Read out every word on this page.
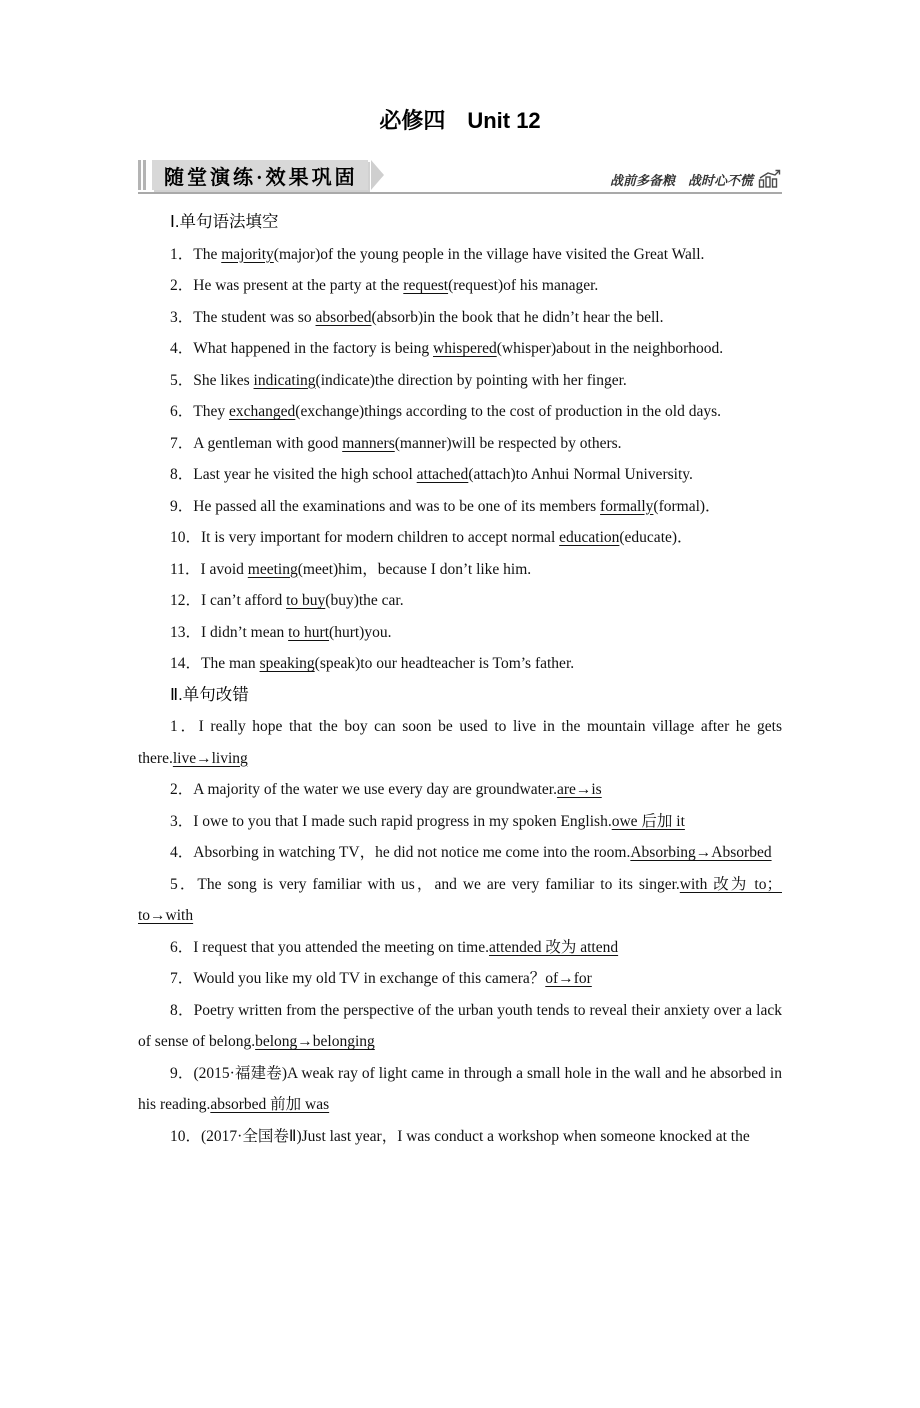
必修四　Unit 12
随堂演练·效果巩固	战前多备粮　战时心不慌
Ⅰ.单句语法填空

1．The majority(major)of the young people in the village have visited the Great Wall.

2．He was present at the party at the request(request)of his manager.

3．The student was so absorbed(absorb)in the book that he didn’t hear the bell.

4．What happened in the factory is being whispered(whisper)about in the neighborhood.

5．She likes indicating(indicate)the direction by pointing with her finger.

6．They exchanged(exchange)things according to the cost of production in the old days.

7．A gentleman with good manners(manner)will be respected by others.

8．Last year he visited the high school attached(attach)to Anhui Normal University.

9．He passed all the examinations and was to be one of its members formally(formal)．

10．It is very important for modern children to accept normal education(educate)．

11．I avoid meeting(meet)him，because I don’t like him.

12．I can’t afford to buy(buy)the car.

13．I didn’t mean to hurt(hurt)you.

14．The man speaking(speak)to our headteacher is Tom’s father.

Ⅱ.单句改错

1．I really hope that the boy can soon be used to live in the mountain village after he gets there.live→living

2．A majority of the water we use every day are groundwater.are→is

3．I owe to you that I made such rapid progress in my spoken English.owe 后加 it

4．Absorbing in watching TV，he did not notice me come into the room.Absorbing→Absorbed

5．The song is very familiar with us，and we are very familiar to its singer.with 改为 to；to→with

6．I request that you attended the meeting on time.attended 改为 attend

7．Would you like my old TV in exchange of this camera？of→for

8．Poetry written from the perspective of the urban youth tends to reveal their anxiety over a lack of sense of belong.belong→belonging

9．(2015·福建卷)A weak ray of light came in through a small hole in the wall and he absorbed in his reading.absorbed 前加 was

10．(2017·全国卷Ⅱ)Just last year，I was conduct a workshop when someone knocked at the
